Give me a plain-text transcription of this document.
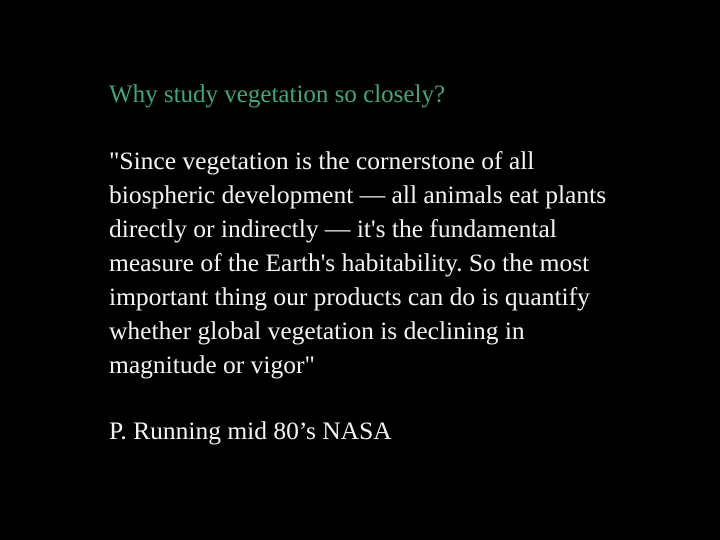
Why study vegetation so closely?
"Since vegetation is the cornerstone of all
biospheric development — all animals eat plants
directly or indirectly — it's the fundamental
measure of the Earth's habitability. So the most
important thing our products can do is quantify
whether global vegetation is declining in
magnitude or vigor"
P. Running mid 80’s NASA
